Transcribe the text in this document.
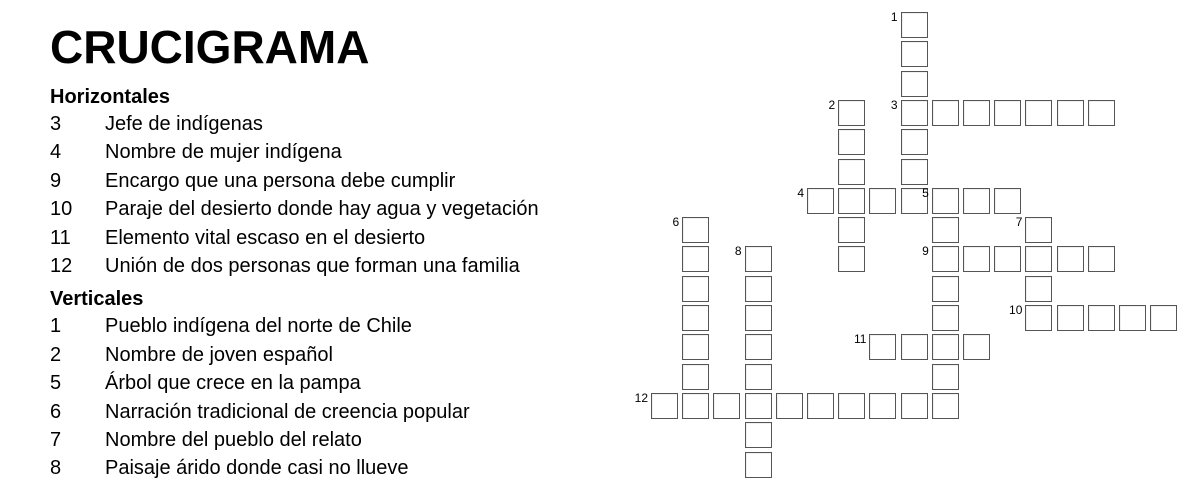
CRUCIGRAMA
Horizontales
3	Jefe de indígenas
4	Nombre de mujer indígena
9	Encargo que una persona debe cumplir
10	Paraje del desierto donde hay agua y vegetación
11	Elemento vital escaso en el desierto
12	Unión de dos personas que forman una familia
Verticales
1	Pueblo indígena del norte de Chile
2	Nombre de joven español
5	Árbol que crece en la pampa
6	Narración tradicional de creencia popular
7	Nombre del pueblo del relato
8	Paisaje árido donde casi no llueve
1
2	3
4	5
6	7
8	9
10
11
12
